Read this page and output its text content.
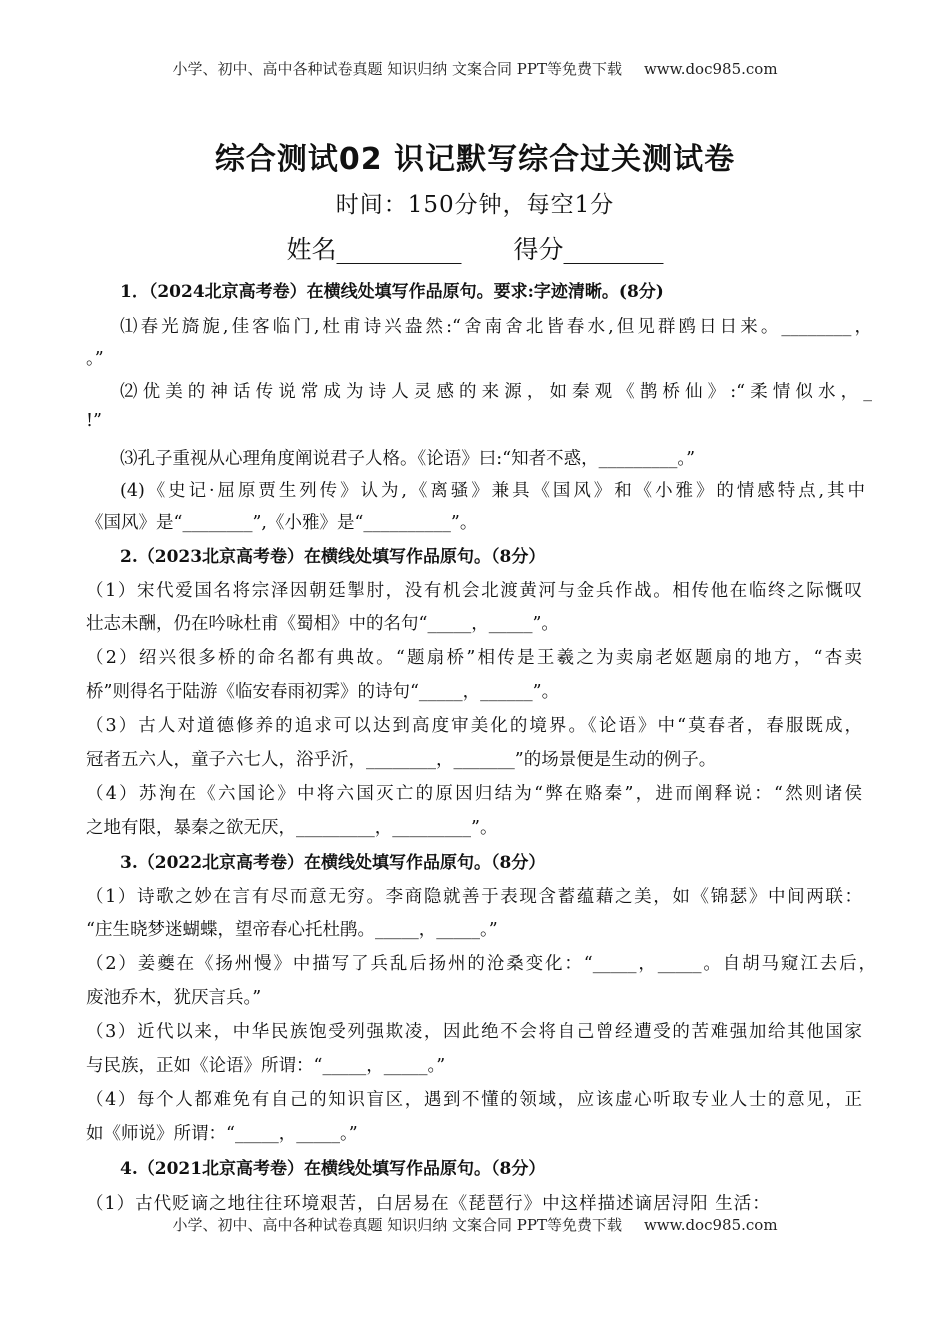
小学、初中、高中各种试卷真题 知识归纳 文案合同 PPT等免费下载 www.doc985.com
综合测试02 识记默写综合过关测试卷
时间：150分钟，每空1分
姓名__________ 得分________
1．（2024北京高考卷）在横线处填写作品原句。要求:字迹清晰。(8分)
⑴春光旖旎,佳客临门,杜甫诗兴盎然:“舍南舍北皆春水,但见群鸥日日来。________，
。”
⑵优美的神话传说常成为诗人灵感的来源，如秦观《鹊桥仙》:“柔情似水，_
!”
⑶孔子重视从心理角度阐说君子人格。《论语》曰:“知者不惑，_________。”
(4)《史记·屈原贾生列传》认为,《离骚》兼具《国风》和《小雅》的情感特点,其中
《国风》是“________”,《小雅》是“__________”。
2.（2023北京高考卷）在横线处填写作品原句。（8分）
（1）宋代爱国名将宗泽因朝廷掣肘，没有机会北渡黄河与金兵作战。相传他在临终之际慨叹
壮志未酬，仍在吟咏杜甫《蜀相》中的名句“_____，_____”。
（2）绍兴很多桥的命名都有典故。“题扇桥”相传是王羲之为卖扇老妪题扇的地方，“杏卖
桥”则得名于陆游《临安春雨初霁》的诗句“_____，______”。
（3）古人对道德修养的追求可以达到高度审美化的境界。《论语》中“莫春者，春服既成，
冠者五六人，童子六七人，浴乎沂，________，_______”的场景便是生动的例子。
（4）苏洵在《六国论》中将六国灭亡的原因归结为“弊在赂秦”，进而阐释说：“然则诸侯
之地有限，暴秦之欲无厌，_________，_________”。
3.（2022北京高考卷）在横线处填写作品原句。（8分）
（1）诗歌之妙在言有尽而意无穷。李商隐就善于表现含蓄蕴藉之美，如《锦瑟》中间两联：
“庄生晓梦迷蝴蝶，望帝春心托杜鹃。_____，_____。”
（2）姜夔在《扬州慢》中描写了兵乱后扬州的沧桑变化：“_____，_____。自胡马窥江去后，
废池乔木，犹厌言兵。”
（3）近代以来，中华民族饱受列强欺凌，因此绝不会将自己曾经遭受的苦难强加给其他国家
与民族，正如《论语》所谓：“_____，_____。”
（4）每个人都难免有自己的知识盲区，遇到不懂的领域，应该虚心听取专业人士的意见，正
如《师说》所谓：“_____，_____。”
4.（2021北京高考卷）在横线处填写作品原句。（8分）
（1）古代贬谪之地往往环境艰苦，白居易在《琵琶行》中这样描述谪居浔阳 生活：
小学、初中、高中各种试卷真题 知识归纳 文案合同 PPT等免费下载 www.doc985.com
